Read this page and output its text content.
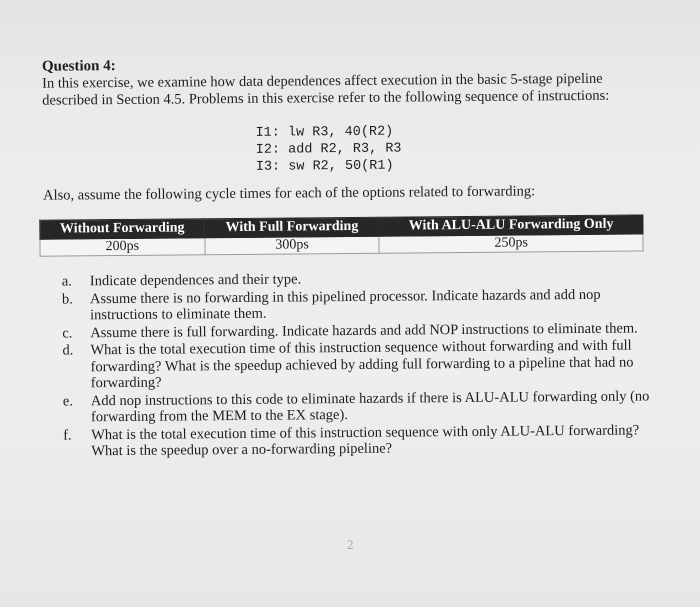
Question 4:
In this exercise, we examine how data dependences affect execution in the basic 5-stage pipeline described in Section 4.5. Problems in this exercise refer to the following sequence of instructions:
I1: lw R3, 40(R2)
I2: add R2, R3, R3
I3: sw R2, 50(R1)
Also, assume the following cycle times for each of the options related to forwarding:
Without Forwarding	With Full Forwarding	With ALU-ALU Forwarding Only
200ps	300ps	250ps
a. Indicate dependences and their type.
b. Assume there is no forwarding in this pipelined processor. Indicate hazards and add nop instructions to eliminate them.
c. Assume there is full forwarding. Indicate hazards and add NOP instructions to eliminate them.
d. What is the total execution time of this instruction sequence without forwarding and with full forwarding? What is the speedup achieved by adding full forwarding to a pipeline that had no forwarding?
e. Add nop instructions to this code to eliminate hazards if there is ALU-ALU forwarding only (no forwarding from the MEM to the EX stage).
f. What is the total execution time of this instruction sequence with only ALU-ALU forwarding? What is the speedup over a no-forwarding pipeline?
2
